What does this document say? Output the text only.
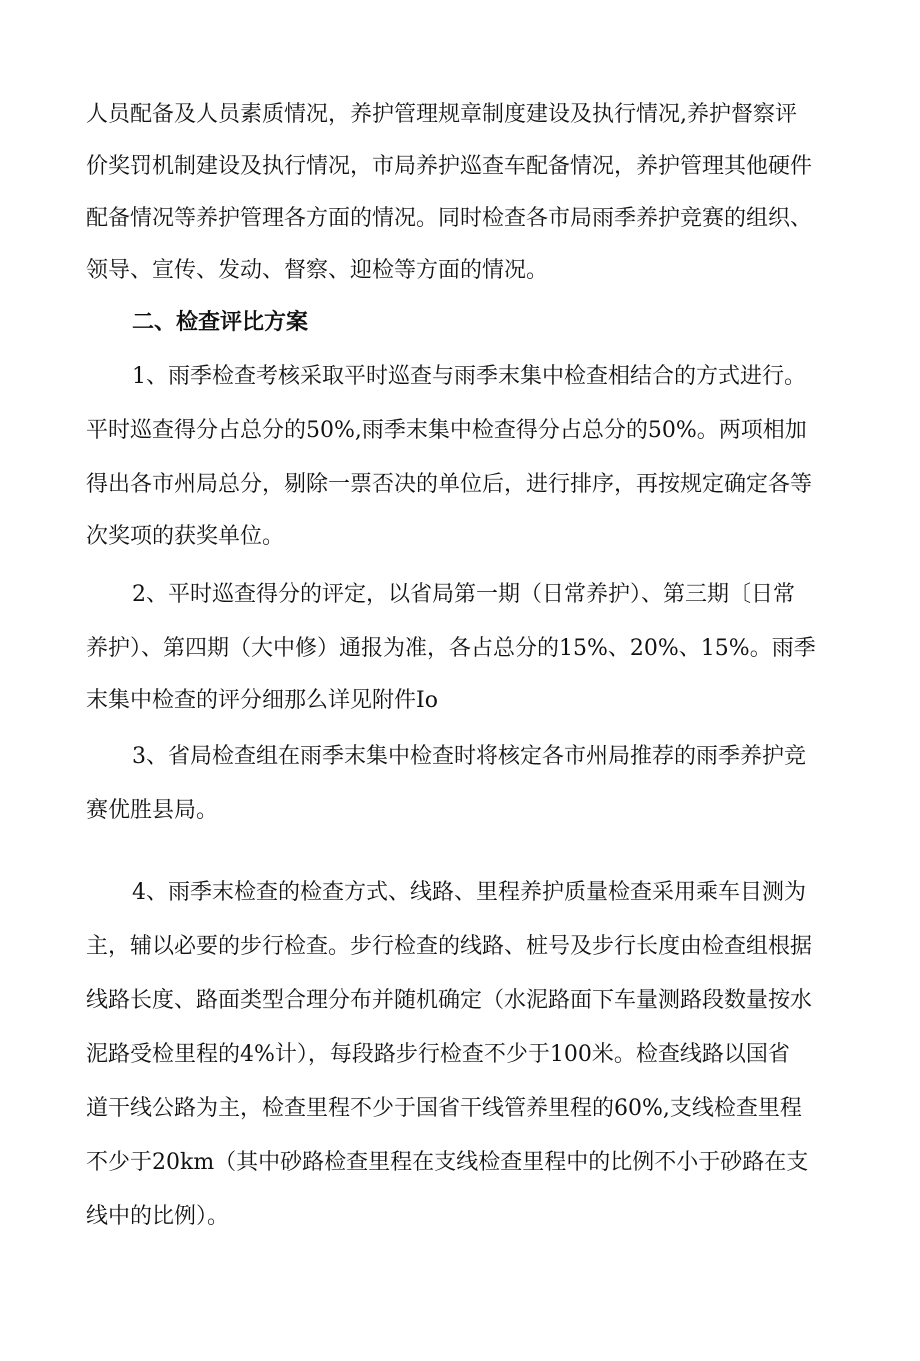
人员配备及人员素质情况，养护管理规章制度建设及执行情况,养护督察评
价奖罚机制建设及执行情况，市局养护巡查车配备情况，养护管理其他硬件
配备情况等养护管理各方面的情况。同时检查各市局雨季养护竞赛的组织、
领导、宣传、发动、督察、迎检等方面的情况。
二、检查评比方案
1、雨季检查考核采取平时巡查与雨季末集中检查相结合的方式进行。
平时巡查得分占总分的50%,雨季末集中检查得分占总分的50%。两项相加
得出各市州局总分，剔除一票否决的单位后，进行排序，再按规定确定各等
次奖项的获奖单位。
2、平时巡查得分的评定，以省局第一期（日常养护）、第三期〔日常
养护）、第四期（大中修）通报为准，各占总分的15%、20%、15%。雨季
末集中检查的评分细那么详见附件Io
3、省局检查组在雨季末集中检查时将核定各市州局推荐的雨季养护竞
赛优胜县局。
4、雨季末检查的检查方式、线路、里程养护质量检查采用乘车目测为
主，辅以必要的步行检查。步行检查的线路、桩号及步行长度由检查组根据
线路长度、路面类型合理分布并随机确定（水泥路面下车量测路段数量按水
泥路受检里程的4%计），每段路步行检查不少于100米。检查线路以国省
道干线公路为主，检查里程不少于国省干线管养里程的60%,支线检查里程
不少于20km（其中砂路检查里程在支线检查里程中的比例不小于砂路在支
线中的比例）。
